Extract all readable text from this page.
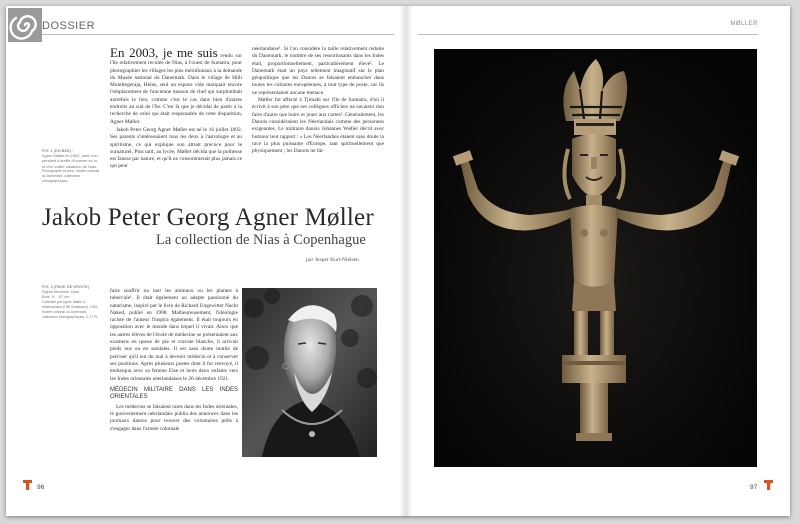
DOSSIER	MØLLER
FIG. 1 (EN BAS) :
Agner Møller en 1952, paré d'un pendant d'oreille d'homme en or et d'un collier kalabubu de Nias.
Photographe inconnu. Musée national du Danemark, collections ethnographiques.
En 2003, je me suis rendu sur l'île relativement reculée de Nias, à l'ouest de Sumatra, pour photographier les villages les plus méridionaux à la demande du Musée national du Danemark. Dans le village de Hilli Mondregeraja, Helas, seul un espace vide marquait encore l'emplacement de l'ancienne maison de chef qui surplombait autrefois le lieu, comme c'est le cas dans bien d'autres endroits au sud de l'île. C'est là que je décidai de partir à la recherche de celui qui était responsable de cette disparition, Agner Møller.
Jakob Peter Georg Agner Møller est né le 16 juillet 1892. Ses parents s'intéressaient tous les deux à l'astrologie et au spiritisme, ce qui explique son attrait précoce pour le surnaturel. Plus tard, au lycée, Møller décida que la politesse est fausse par nature, et qu'il ne consommerait plus jamais ce qui peut
néerlandaise¹. Si l'on considère la taille relativement réduite du Danemark, le nombre de ses ressortissants dans les Indes était, proportionnellement, particulièrement élevé². Le Danemark était un pays tellement imaginatif sur le plan géopolitique que les Danois se faisaient embaucher dans toutes les colonies européennes, à tout type de poste, car ils ne représentaient aucune menace.
Møller fut affecté à Tjimahi sur l'île de Sumatra, d'où il écrivit à son père que ses collègues officiers ne savaient rien faire d'autre que boire et jouer aux cartes³. Généralement, les Danois considéraient les Néerlandais comme des personnes exigeantes. Le militaire danois Johannes Wøller décrit avec humour leur rapport : « Les Néerlandais étaient sans doute la race la plus puissante d'Europe, tant spirituellement que physiquement ; les Danois ne fai-
Jakob Peter Georg Agner Møller
La collection de Nias à Copenhague
par Jesper Kurt-Nielsen
FIG. 2 (PAGE DE DROITE) :
Figure féminine. Nias.
Bois. H. : 87 cm.
Collectée par Agner Møller à Hilisimaetano (Hilli Simatwaer), 1925. Musée national du Danemark, collections ethnographiques, C.2779.
faire souffrir ou tuer les animaux ou les plantes à tubercule¹. Il était également un adepte passionné du naturisme, inspiré par le livre de Richard Ungewitter Nackt Naked, publié en 1908. Malheureusement, l'idéologie raciste de l'auteur l'inspira également. Il était toujours en opposition avec le monde dans lequel il vivait. Alors que les autres élèves de l'école de médecine se présentaient aux examens en queue de pie et cravate blanche, il arrivait pieds nus ou en sandales. Il est sans doute inutile de préciser qu'il eut du mal à devenir médecin et à conserver ses positions. Après plusieurs postes dont il fut renvoyé, il embarqua avec sa femme Else et leurs deux enfants vers les Indes orientales néerlandaises le 20 décembre 1921.
MÉDECIN MILITAIRE DANS LES INDES ORIENTALES
Les médecins se faisaient rares dans les Indes orientales, le gouvernement néerlandais publia des annonces dans les journaux danois pour trouver des volontaires prêts à s'engager dans l'armée coloniale
96	97
